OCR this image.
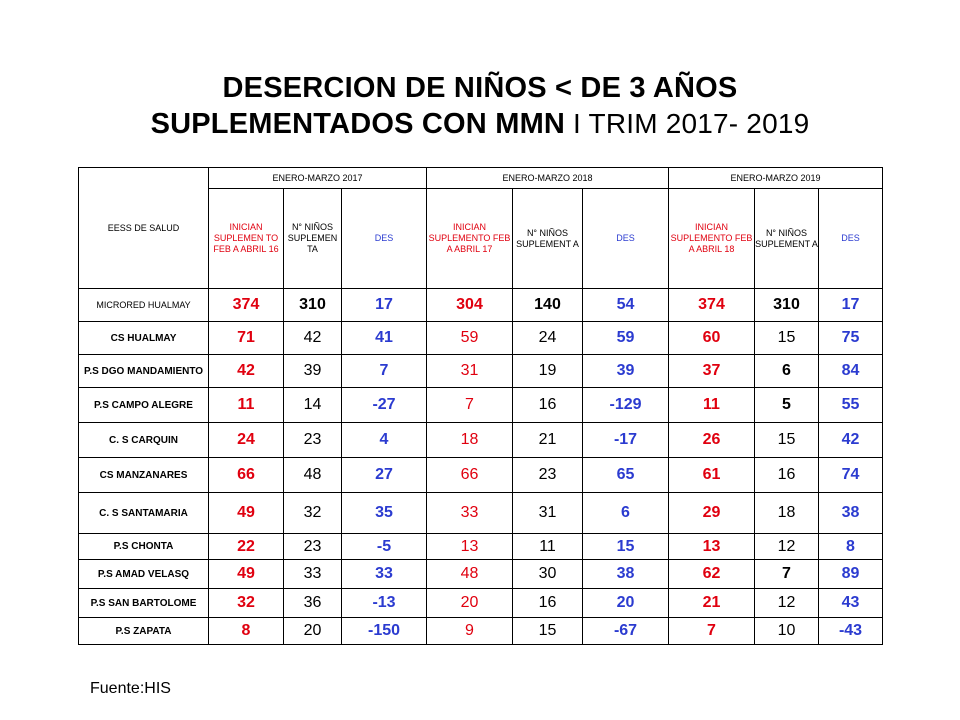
DESERCION DE NIÑOS < DE 3 AÑOS
SUPLEMENTADOS CON MMN I TRIM 2017- 2019
EESS DE SALUD	ENERO-MARZO 2017			ENERO-MARZO 2018			ENERO-MARZO 2019		
	INICIAN SUPLEMEN TO FEB A ABRIL 16	N° NIÑOS SUPLEMEN TA	DES	INICIAN SUPLEMENTO FEB A ABRIL 17	N° NIÑOS SUPLEMENT A	DES	INICIAN SUPLEMENTO FEB A ABRIL 18	N° NIÑOS SUPLEMENT A	DES
MICRORED HUALMAY	374	310	17	304	140	54	374	310	17
CS HUALMAY	71	42	41	59	24	59	60	15	75
P.S DGO MANDAMIENTO	42	39	7	31	19	39	37	6	84
P.S CAMPO ALEGRE	11	14	-27	7	16	-129	11	5	55
C. S CARQUIN	24	23	4	18	21	-17	26	15	42
CS MANZANARES	66	48	27	66	23	65	61	16	74
C. S SANTAMARIA	49	32	35	33	31	6	29	18	38
P.S CHONTA	22	23	-5	13	11	15	13	12	8
P.S AMAD VELASQ	49	33	33	48	30	38	62	7	89
P.S SAN BARTOLOME	32	36	-13	20	16	20	21	12	43
P.S ZAPATA	8	20	-150	9	15	-67	7	10	-43
Fuente:HIS
